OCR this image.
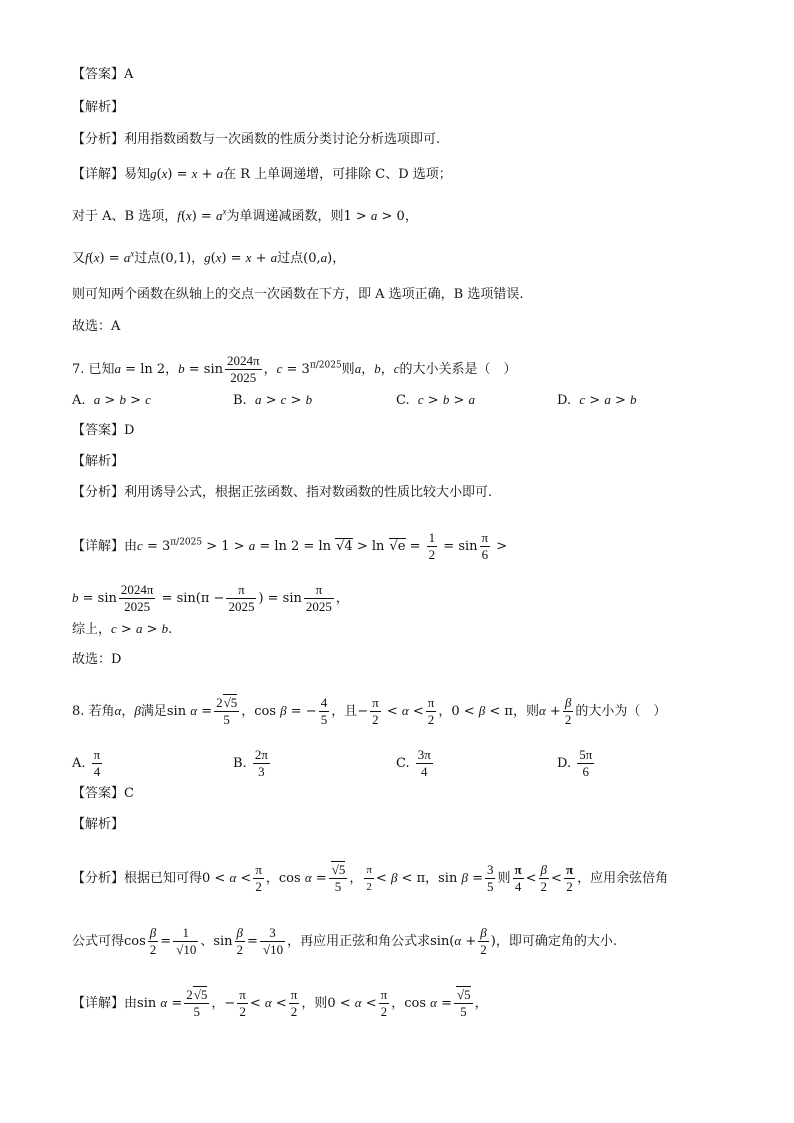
【答案】A
【解析】
【分析】利用指数函数与一次函数的性质分类讨论分析选项即可.
【详解】易知g(x) = x + a在 R 上单调递增，可排除 C、D 选项；
对于 A、B 选项，$f(x) = a^x$为单调递减函数，则1 > a > 0，
又$f(x) = a^x$过点(0,1)，g(x) = x + a过点(0,a)，
则可知两个函数在纵轴上的交点一次函数在下方，即 A 选项正确，B 选项错误.
故选：A
7. 已知a = ln 2，$b = \sin \frac{2024\pi}{2025}$ ，$c = 3^{\pi/2025}$则a，b，c的大小关系是（　）
A. a > b > c	B. a > c > b	C. c > b > a	D. c > a > b
【答案】D
【解析】
【分析】利用诱导公式，根据正弦函数、指对数函数的性质比较大小即可.
【详解】由$c = 3^{\pi/2025} > 1 > a = \ln 2 = \ln √4 > \ln √e = \frac{1}{2} = \sin \frac{\pi}{6}$ >
$b = \sin \frac{2024\pi}{2025} = \sin(\pi - \frac{\pi}{2025}$ ) = $\sin \frac{\pi}{2025}$ ，
综上，c > a > b.
故选：D
8. 若角α，β满足$\sin \alpha = \frac{2√5}{5}$ ，cos β = − $\frac{4}{5}$ ，且− $\frac{\pi}{2} < \alpha < \frac{\pi}{2}$ ，0 < β < π，则$\alpha + \frac{\beta}{2}$ 的大小为（　）
A. $\frac{\pi}{4}$	B. $\frac{2\pi}{3}$	C. $\frac{3\pi}{4}$	D. $\frac{5\pi}{6}$
【答案】C
【解析】
【分析】根据已知可得$0 < \alpha < \frac{\pi}{2}$ ，$\cos \alpha = \frac{√5}{5}$ ， $\frac{\pi}{2} < \beta < \pi$，$\sin \beta = \frac{3}{5}$ 则 $\frac{\pi}{4} < \frac{\beta}{2} < \frac{\pi}{2}$ ，应用余弦倍角
公式可得$\cos \frac{\beta}{2} = \frac{1}{√10}$ 、$\sin \frac{\beta}{2} = \frac{3}{√10}$ ，再应用正弦和角公式求$\sin(\alpha + \frac{\beta}{2}$ )，即可确定角的大小.
【详解】由$\sin \alpha = \frac{2√5}{5}$ ，− $\frac{\pi}{2} < \alpha < \frac{\pi}{2}$ ，则$0 < \alpha < \frac{\pi}{2}$ ，$\cos \alpha = \frac{√5}{5}$ ，
